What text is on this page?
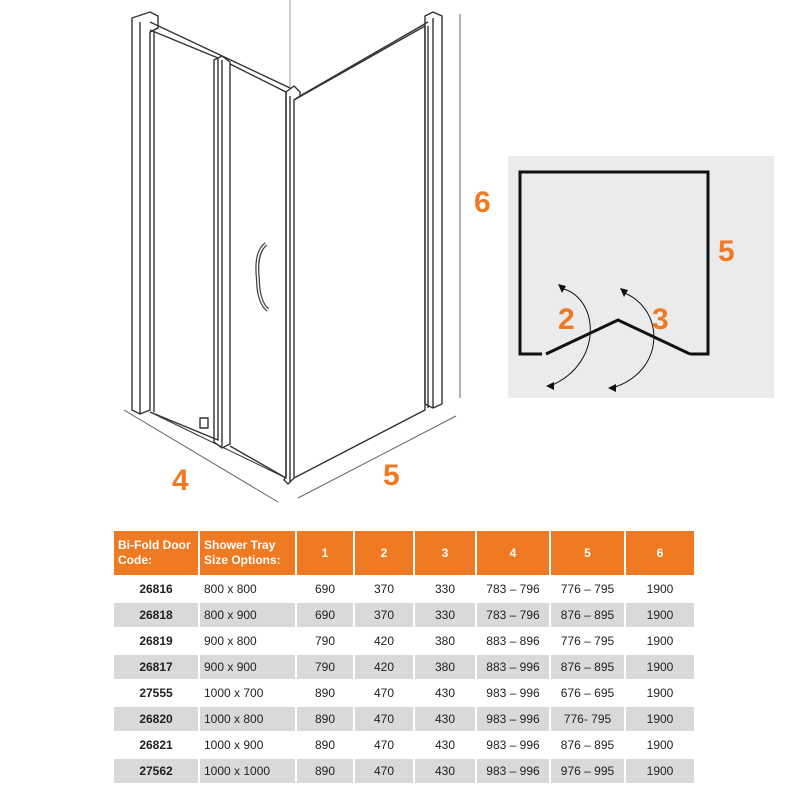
4	5
6
2	3
5
Bi-Fold Door Code:	Shower Tray Size Options:	1	2	3	4	5	6
26816	800 x 800	690	370	330	783 – 796	776 – 795	1900
26818	800 x 900	690	370	330	783 – 796	876 – 895	1900
26819	900 x 800	790	420	380	883 – 896	776 – 795	1900
26817	900 x 900	790	420	380	883 – 996	876 – 895	1900
27555	1000 x 700	890	470	430	983 – 996	676 – 695	1900
26820	1000 x 800	890	470	430	983 – 996	776- 795	1900
26821	1000 x 900	890	470	430	983 – 996	876 – 895	1900
27562	1000 x 1000	890	470	430	983 – 996	976 – 995	1900
